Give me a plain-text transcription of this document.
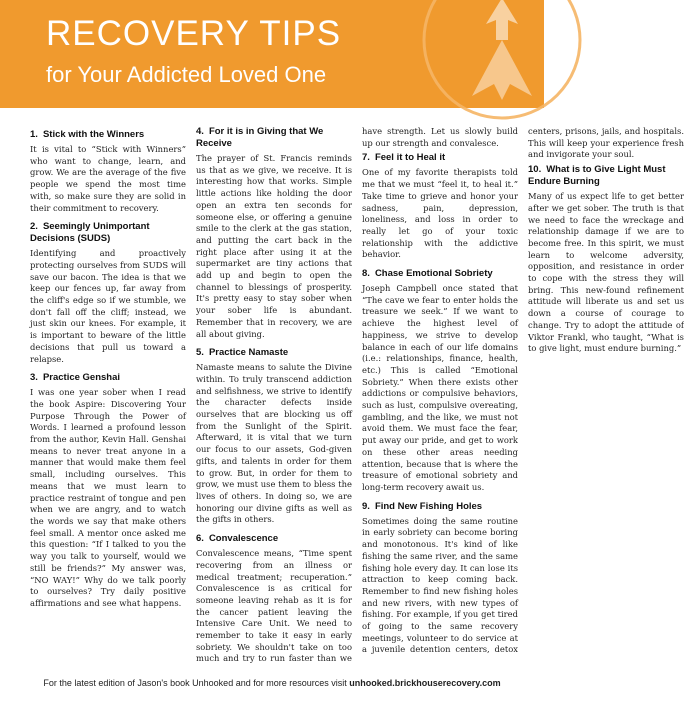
RECOVERY TIPS
for Your Addicted Loved One
1. Stick with the Winners

It is vital to “Stick with Winners” who want to change, learn, and grow. We are the average of the five people we spend the most time with, so make sure they are solid in their commitment to recovery.

2. Seemingly Unimportant Decisions (SUDS)

Identifying and proactively protecting ourselves from SUDS will save our bacon. The idea is that we keep our fences up, far away from the cliff's edge so if we stumble, we don't fall off the cliff; instead, we just skin our knees. For example, it is important to beware of the little decisions that pull us toward a relapse.

3. Practice Genshai

I was one year sober when I read the book Aspire: Discovering Your Purpose Through the Power of Words. I learned a profound lesson from the author, Kevin Hall. Genshai means to never treat anyone in a manner that would make them feel small, including ourselves. This means that we must learn to practice restraint of tongue and pen when we are angry, and to watch the words we say that make others feel small. A mentor once asked me this question: “If I talked to you the way you talk to yourself, would we still be friends?” My answer was, “NO WAY!” Why do we talk poorly to ourselves? Try daily positive affirmations and see what happens.

4. For it is in Giving that We Receive

The prayer of St. Francis reminds us that as we give, we receive. It is interesting how that works. Simple little actions like holding the door open an extra ten seconds for someone else, or offering a genuine smile to the clerk at the gas station, and putting the cart back in the right place after using it at the supermarket are tiny actions that add up and begin to open the channel to blessings of prosperity. It's pretty easy to stay sober when your sober life is abundant. Remember that in recovery, we are all about giving.

5. Practice Namaste

Namaste means to salute the Divine within. To truly transcend addiction and selfishness, we strive to identify the character defects inside ourselves that are blocking us off from the Sunlight of the Spirit. Afterward, it is vital that we turn our focus to our assets, God-given gifts, and talents in order for them to grow. But, in order for them to grow, we must use them to bless the lives of others. In doing so, we are honoring our divine gifts as well as the gifts in others.

6. Convalescence

Convalescence means, “Time spent recovering from an illness or medical treatment; recuperation.” Convalescence is as critical for someone leaving rehab as it is for the cancer patient leaving the Intensive Care Unit. We need to remember to take it easy in early sobriety. We shouldn't take on too much and try to run faster than we have strength. Let us slowly build up our strength and convalesce.

7. Feel it to Heal it

One of my favorite therapists told me that we must “feel it, to heal it.” Take time to grieve and honor your sadness, pain, depression, loneliness, and loss in order to really let go of your toxic relationship with the addictive behavior.

8. Chase Emotional Sobriety

Joseph Campbell once stated that “The cave we fear to enter holds the treasure we seek.” If we want to achieve the highest level of happiness, we strive to develop balance in each of our life domains (i.e.: relationships, finance, health, etc.) This is called “Emotional Sobriety.” When there exists other addictions or compulsive behaviors, such as lust, compulsive overeating, gambling, and the like, we must not avoid them. We must face the fear, put away our pride, and get to work on these other areas needing attention, because that is where the treasure of emotional sobriety and long-term recovery await us.

9. Find New Fishing Holes

Sometimes doing the same routine in early sobriety can become boring and monotonous. It's kind of like fishing the same river, and the same fishing hole every day. It can lose its attraction to keep coming back. Remember to find new fishing holes and new rivers, with new types of fishing. For example, if you get tired of going to the same recovery meetings, volunteer to do service at a juvenile detention centers, detox centers, prisons, jails, and hospitals. This will keep your experience fresh and invigorate your soul.

10. What is to Give Light Must Endure Burning

Many of us expect life to get better after we get sober. The truth is that we need to face the wreckage and relationship damage if we are to become free. In this spirit, we must learn to welcome adversity, opposition, and resistance in order to cope with the stress they will bring. This new-found refinement attitude will liberate us and set us down a course of courage to change. Try to adopt the attitude of Viktor Frankl, who taught, “What is to give light, must endure burning.”

For the latest edition of Jason's book Unhooked and for more resources visit unhooked.brickhouserecovery.com
